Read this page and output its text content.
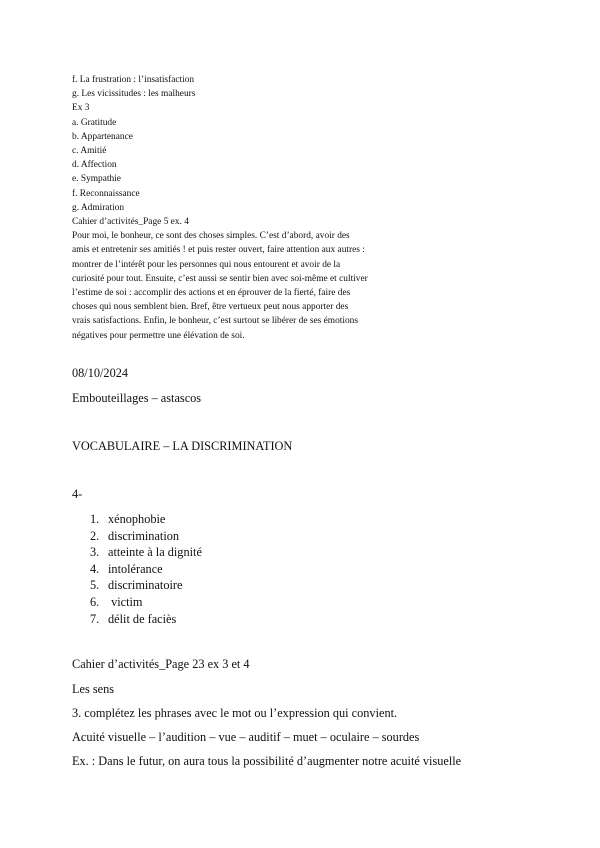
f. La frustration : l’insatisfaction
g. Les vicissitudes : les malheurs
Ex 3
a. Gratitude
b. Appartenance
c. Amitié
d. Affection
e. Sympathie
f. Reconnaissance
g. Admiration
Cahier d’activités_Page 5 ex. 4
Pour moi, le bonheur, ce sont des choses simples. C’est d’abord, avoir des
amis et entretenir ses amitiés ! et puis rester ouvert, faire attention aux autres :
montrer de l’intérêt pour les personnes qui nous entourent et avoir de la
curiosité pour tout. Ensuite, c’est aussi se sentir bien avec soi-même et cultiver
l’estime de soi : accomplir des actions et en éprouver de la fierté, faire des
choses qui nous semblent bien. Bref, être vertueux peut nous apporter des
vrais satisfactions. Enfin, le bonheur, c’est surtout se libérer de ses émotions
négatives pour permettre une élévation de soi.
08/10/2024
Embouteillages – astascos
VOCABULAIRE – LA DISCRIMINATION
4-
1. xénophobie
2. discrimination
3. atteinte à la dignité
4. intolérance
5. discriminatoire
6. victim
7. délit de faciès
Cahier d’activités_Page 23 ex 3 et 4
Les sens
3. complétez les phrases avec le mot ou l’expression qui convient.
Acuité visuelle – l’audition – vue – auditif – muet – oculaire – sourdes
Ex. : Dans le futur, on aura tous la possibilité d’augmenter notre acuité visuelle
